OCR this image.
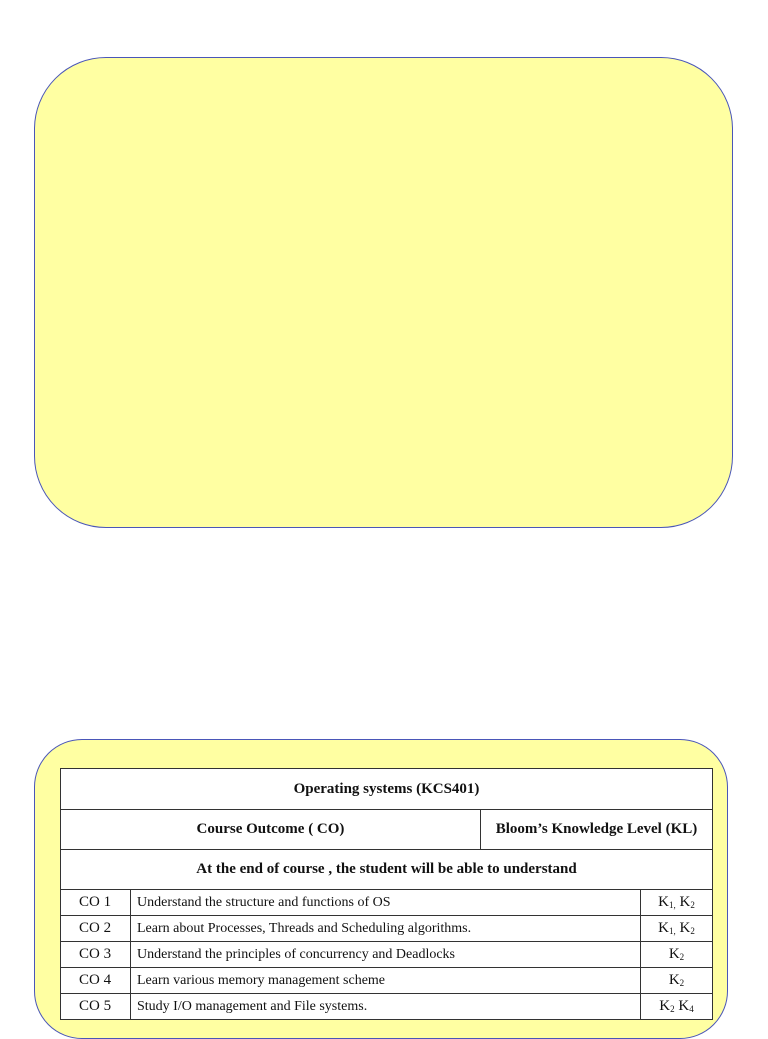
Operating systems (KCS401)			
Course Outcome ( CO)		Bloom’s Knowledge Level (KL)	
At the end of course , the student will be able to understand			
CO 1	Understand the structure and functions of OS		$K_{1,}$ $K_2$
CO 2	Learn about Processes, Threads and Scheduling algorithms.		$K_{1,}$ $K_2$
CO 3	Understand the principles of concurrency and Deadlocks		$K_2$
CO 4	Learn various memory management scheme		$K_2$
CO 5	Study I/O management and File systems.		$K_2$ $K_4$
